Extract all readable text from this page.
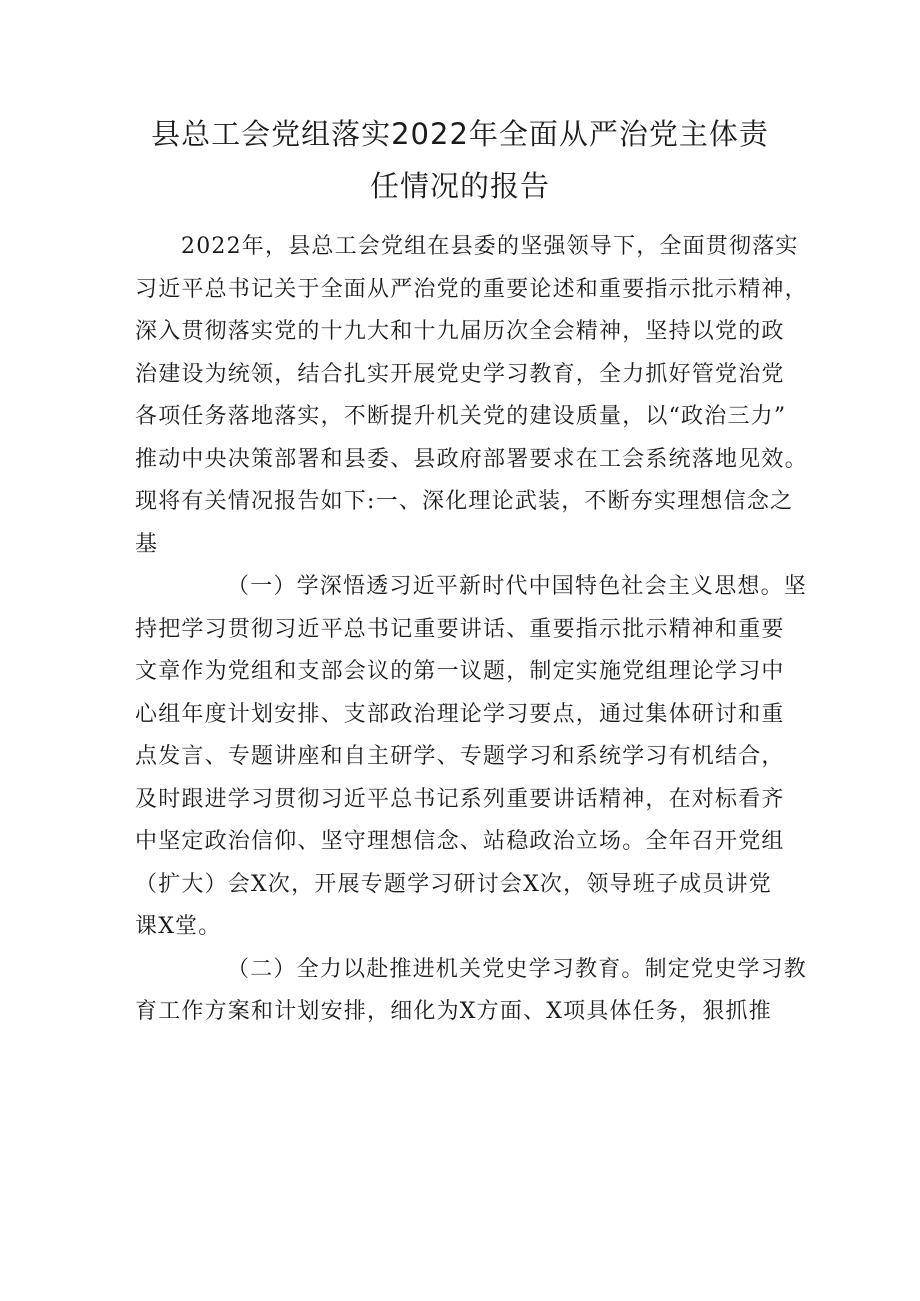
县总工会党组落实2022年全面从严治党主体责
任情况的报告
2022年，县总工会党组在县委的坚强领导下，全面贯彻落实
习近平总书记关于全面从严治党的重要论述和重要指示批示精神，
深入贯彻落实党的十九大和十九届历次全会精神，坚持以党的政
治建设为统领，结合扎实开展党史学习教育，全力抓好管党治党
各项任务落地落实，不断提升机关党的建设质量，以“政治三力”
推动中央决策部署和县委、县政府部署要求在工会系统落地见效。
现将有关情况报告如下:一、深化理论武装，不断夯实理想信念之
基
（一）学深悟透习近平新时代中国特色社会主义思想。坚
持把学习贯彻习近平总书记重要讲话、重要指示批示精神和重要
文章作为党组和支部会议的第一议题，制定实施党组理论学习中
心组年度计划安排、支部政治理论学习要点，通过集体研讨和重
点发言、专题讲座和自主研学、专题学习和系统学习有机结合，
及时跟进学习贯彻习近平总书记系列重要讲话精神，在对标看齐
中坚定政治信仰、坚守理想信念、站稳政治立场。全年召开党组
（扩大）会X次，开展专题学习研讨会X次，领导班子成员讲党
课X堂。
（二）全力以赴推进机关党史学习教育。制定党史学习教
育工作方案和计划安排，细化为X方面、X项具体任务，狠抓推
